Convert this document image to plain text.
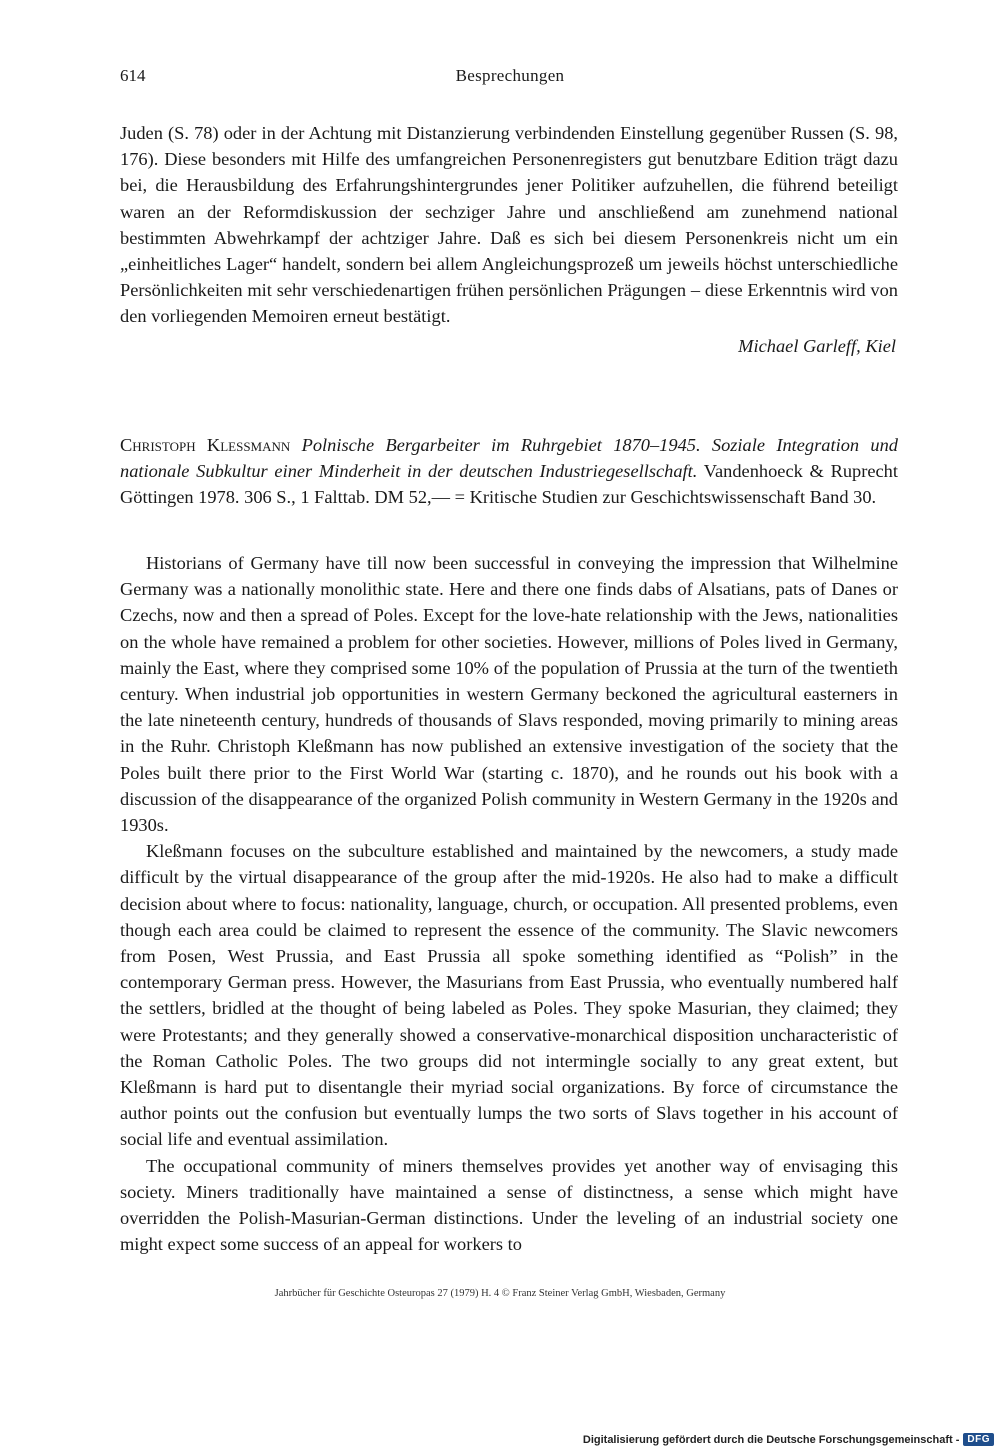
614	Besprechungen

Juden (S. 78) oder in der Achtung mit Distanzierung verbindenden Einstellung gegenüber Russen (S. 98, 176). Diese besonders mit Hilfe des umfangreichen Personenregisters gut benutzbare Edition trägt dazu bei, die Herausbildung des Erfahrungshintergrundes jener Politiker aufzuhellen, die führend beteiligt waren an der Reformdiskussion der sechziger Jahre und anschließend am zunehmend national bestimmten Abwehrkampf der achtziger Jahre. Daß es sich bei diesem Personenkreis nicht um ein „einheitliches Lager“ handelt, sondern bei allem Angleichungsprozeß um jeweils höchst unterschiedliche Persönlichkeiten mit sehr verschiedenartigen frühen persönlichen Prägungen – diese Erkenntnis wird von den vorliegenden Memoiren erneut bestätigt.

Michael Garleff, Kiel
Christoph Klessmann Polnische Bergarbeiter im Ruhrgebiet 1870–1945. Soziale Integration und nationale Subkultur einer Minderheit in der deutschen Industriegesellschaft. Vandenhoeck & Ruprecht Göttingen 1978. 306 S., 1 Falttab. DM 52,— = Kritische Studien zur Geschichtswissenschaft Band 30.

Historians of Germany have till now been successful in conveying the impression that Wilhelmine Germany was a nationally monolithic state. Here and there one finds dabs of Alsatians, pats of Danes or Czechs, now and then a spread of Poles. Except for the love-hate relationship with the Jews, nationalities on the whole have remained a problem for other societies. However, millions of Poles lived in Germany, mainly the East, where they comprised some 10% of the population of Prussia at the turn of the twentieth century. When industrial job opportunities in western Germany beckoned the agricultural easterners in the late nineteenth century, hundreds of thousands of Slavs responded, moving primarily to mining areas in the Ruhr. Christoph Kleßmann has now published an extensive investigation of the society that the Poles built there prior to the First World War (starting c. 1870), and he rounds out his book with a discussion of the disappearance of the organized Polish community in Western Germany in the 1920s and 1930s.

Kleßmann focuses on the subculture established and maintained by the newcomers, a study made difficult by the virtual disappearance of the group after the mid-1920s. He also had to make a difficult decision about where to focus: nationality, language, church, or occupation. All presented problems, even though each area could be claimed to represent the essence of the community. The Slavic newcomers from Posen, West Prussia, and East Prussia all spoke something identified as “Polish” in the contemporary German press. However, the Masurians from East Prussia, who eventually numbered half the settlers, bridled at the thought of being labeled as Poles. They spoke Masurian, they claimed; they were Protestants; and they generally showed a conservative-monarchical disposition uncharacteristic of the Roman Catholic Poles. The two groups did not intermingle socially to any great extent, but Kleßmann is hard put to disentangle their myriad social organizations. By force of circumstance the author points out the confusion but eventually lumps the two sorts of Slavs together in his account of social life and eventual assimilation.

The occupational community of miners themselves provides yet another way of envisaging this society. Miners traditionally have maintained a sense of distinctness, a sense which might have overridden the Polish-Masurian-German distinctions. Under the leveling of an industrial society one might expect some success of an appeal for workers to

Jahrbücher für Geschichte Osteuropas 27 (1979) H. 4 © Franz Steiner Verlag GmbH, Wiesbaden, Germany
Digitalisierung gefördert durch die Deutsche Forschungsgemeinschaft - DFG
